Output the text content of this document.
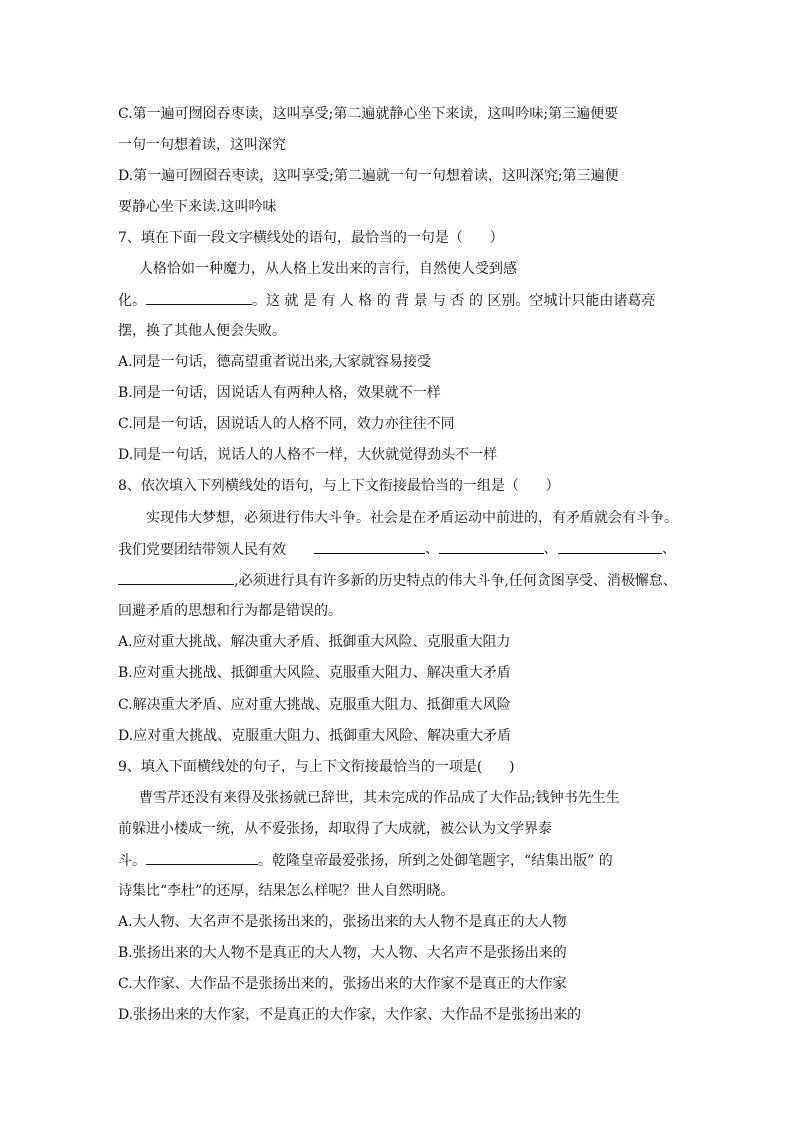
C.第一遍可囫囵吞枣读，这叫享受;第二遍就静心坐下来读，这叫吟味;第三遍便要
一句一句想着读，这叫深究
D.第一遍可囫囵吞枣读，这叫享受;第二遍就一句一句想着读，这叫深究;第三遍便
要静心坐下来读.这叫吟味
7、填在下面一段文字横线处的语句，最恰当的一句是（      ）
人格恰如一种魔力，从人格上发出来的言行，自然使人受到感
化。	。这 就 是 有 人 格 的 背 景 与 否 的 区别。空城计只能由诸葛亮
摆，换了其他人便会失败。
A.同是一句话，德高望重者说出来,大家就容易接受
B.同是一句话，因说话人有两种人格，效果就不一样
C.同是一句话，因说话人的人格不同，效力亦往往不同
D.同是一句话，说话人的人格不一样，大伙就觉得劲头不一样
8、依次填入下列横线处的语句，与上下文衔接最恰当的一组是（      ）
实现伟大梦想，必须进行伟大斗争。社会是在矛盾运动中前进的，有矛盾就会有斗争。
我们党要团结带领人民有效	、	、	、
,必须进行具有许多新的历史特点的伟大斗争,任何贪图享受、消极懈怠、
回避矛盾的思想和行为都是错误的。
A.应对重大挑战、解决重大矛盾、抵御重大风险、克服重大阻力
B.应对重大挑战、抵御重大风险、克服重大阻力、解决重大矛盾
C.解决重大矛盾、应对重大挑战、克服重大阻力、抵御重大风险
D.应对重大挑战、克服重大阻力、抵御重大风险、解决重大矛盾
9、填入下面横线处的句子，与上下文衔接最恰当的一项是(      )
曹雪芹还没有来得及张扬就已辞世，其未完成的作品成了大作品;钱钟书先生生
前躲进小楼成一统，从不爱张扬，却取得了大成就，被公认为文学界泰
斗。	。乾隆皇帝最爱张扬，所到之处御笔题字，“结集出版” 的
诗集比“李杜”的还厚，结果怎么样呢？世人自然明晓。
A.大人物、大名声不是张扬出来的，张扬出来的大人物不是真正的大人物
B.张扬出来的大人物不是真正的大人物，大人物、大名声不是张扬出来的
C.大作家、大作品不是张扬出来的，张扬出来的大作家不是真正的大作家
D.张扬出来的大作家，不是真正的大作家，大作家、大作品不是张扬出来的
